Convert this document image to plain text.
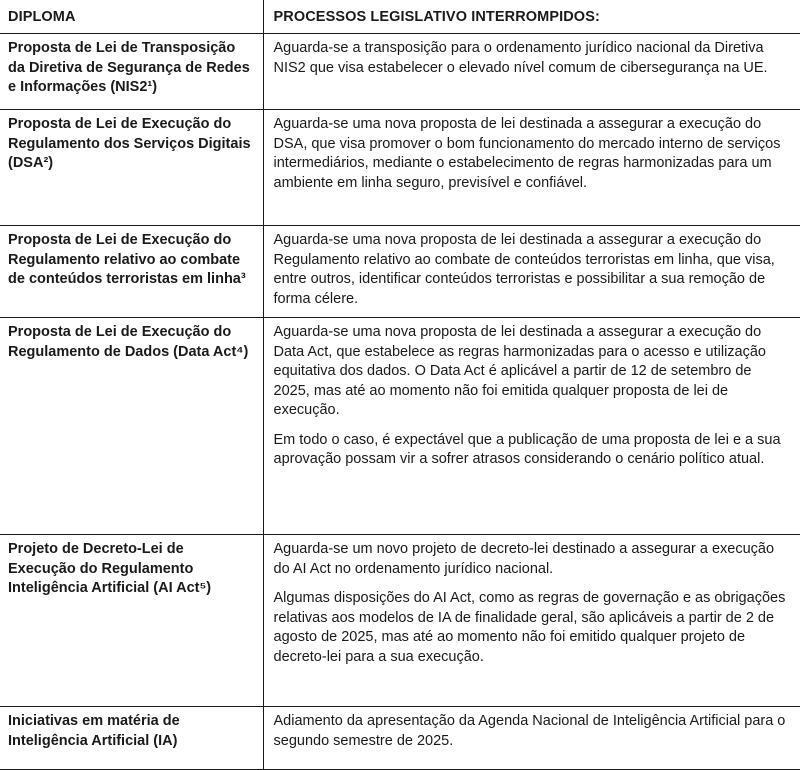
DIPLOMA	PROCESSOS LEGISLATIVO INTERROMPIDOS:
Proposta de Lei de Transposição da Diretiva de Segurança de Redes e Informações (NIS2¹)	Aguarda-se a transposição para o ordenamento jurídico nacional da Diretiva NIS2 que visa estabelecer o elevado nível comum de cibersegurança na UE.

Proposta de Lei de Execução do Regulamento dos Serviços Digitais (DSA²)	Aguarda-se uma nova proposta de lei destinada a assegurar a execução do DSA, que visa promover o bom funcionamento do mercado interno de serviços intermediários, mediante o estabelecimento de regras harmonizadas para um ambiente em linha seguro, previsível e confiável.

Proposta de Lei de Execução do Regulamento relativo ao combate de conteúdos terroristas em linha³	Aguarda-se uma nova proposta de lei destinada a assegurar a execução do Regulamento relativo ao combate de conteúdos terroristas em linha, que visa, entre outros, identificar conteúdos terroristas e possibilitar a sua remoção de forma célere.

Proposta de Lei de Execução do Regulamento de Dados (Data Act⁴)	Aguarda-se uma nova proposta de lei destinada a assegurar a execução do Data Act, que estabelece as regras harmonizadas para o acesso e utilização equitativa dos dados. O Data Act é aplicável a partir de 12 de setembro de 2025, mas até ao momento não foi emitida qualquer proposta de lei de execução.

Em todo o caso, é expectável que a publicação de uma proposta de lei e a sua aprovação possam vir a sofrer atrasos considerando o cenário político atual.

Projeto de Decreto-Lei de Execução do Regulamento Inteligência Artificial (AI Act⁵)	Aguarda-se um novo projeto de decreto-lei destinado a assegurar a execução do AI Act no ordenamento jurídico nacional.

Algumas disposições do AI Act, como as regras de governação e as obrigações relativas aos modelos de IA de finalidade geral, são aplicáveis a partir de 2 de agosto de 2025, mas até ao momento não foi emitido qualquer projeto de decreto-lei para a sua execução.

Iniciativas em matéria de Inteligência Artificial (IA)	Adiamento da apresentação da Agenda Nacional de Inteligência Artificial para o segundo semestre de 2025.
